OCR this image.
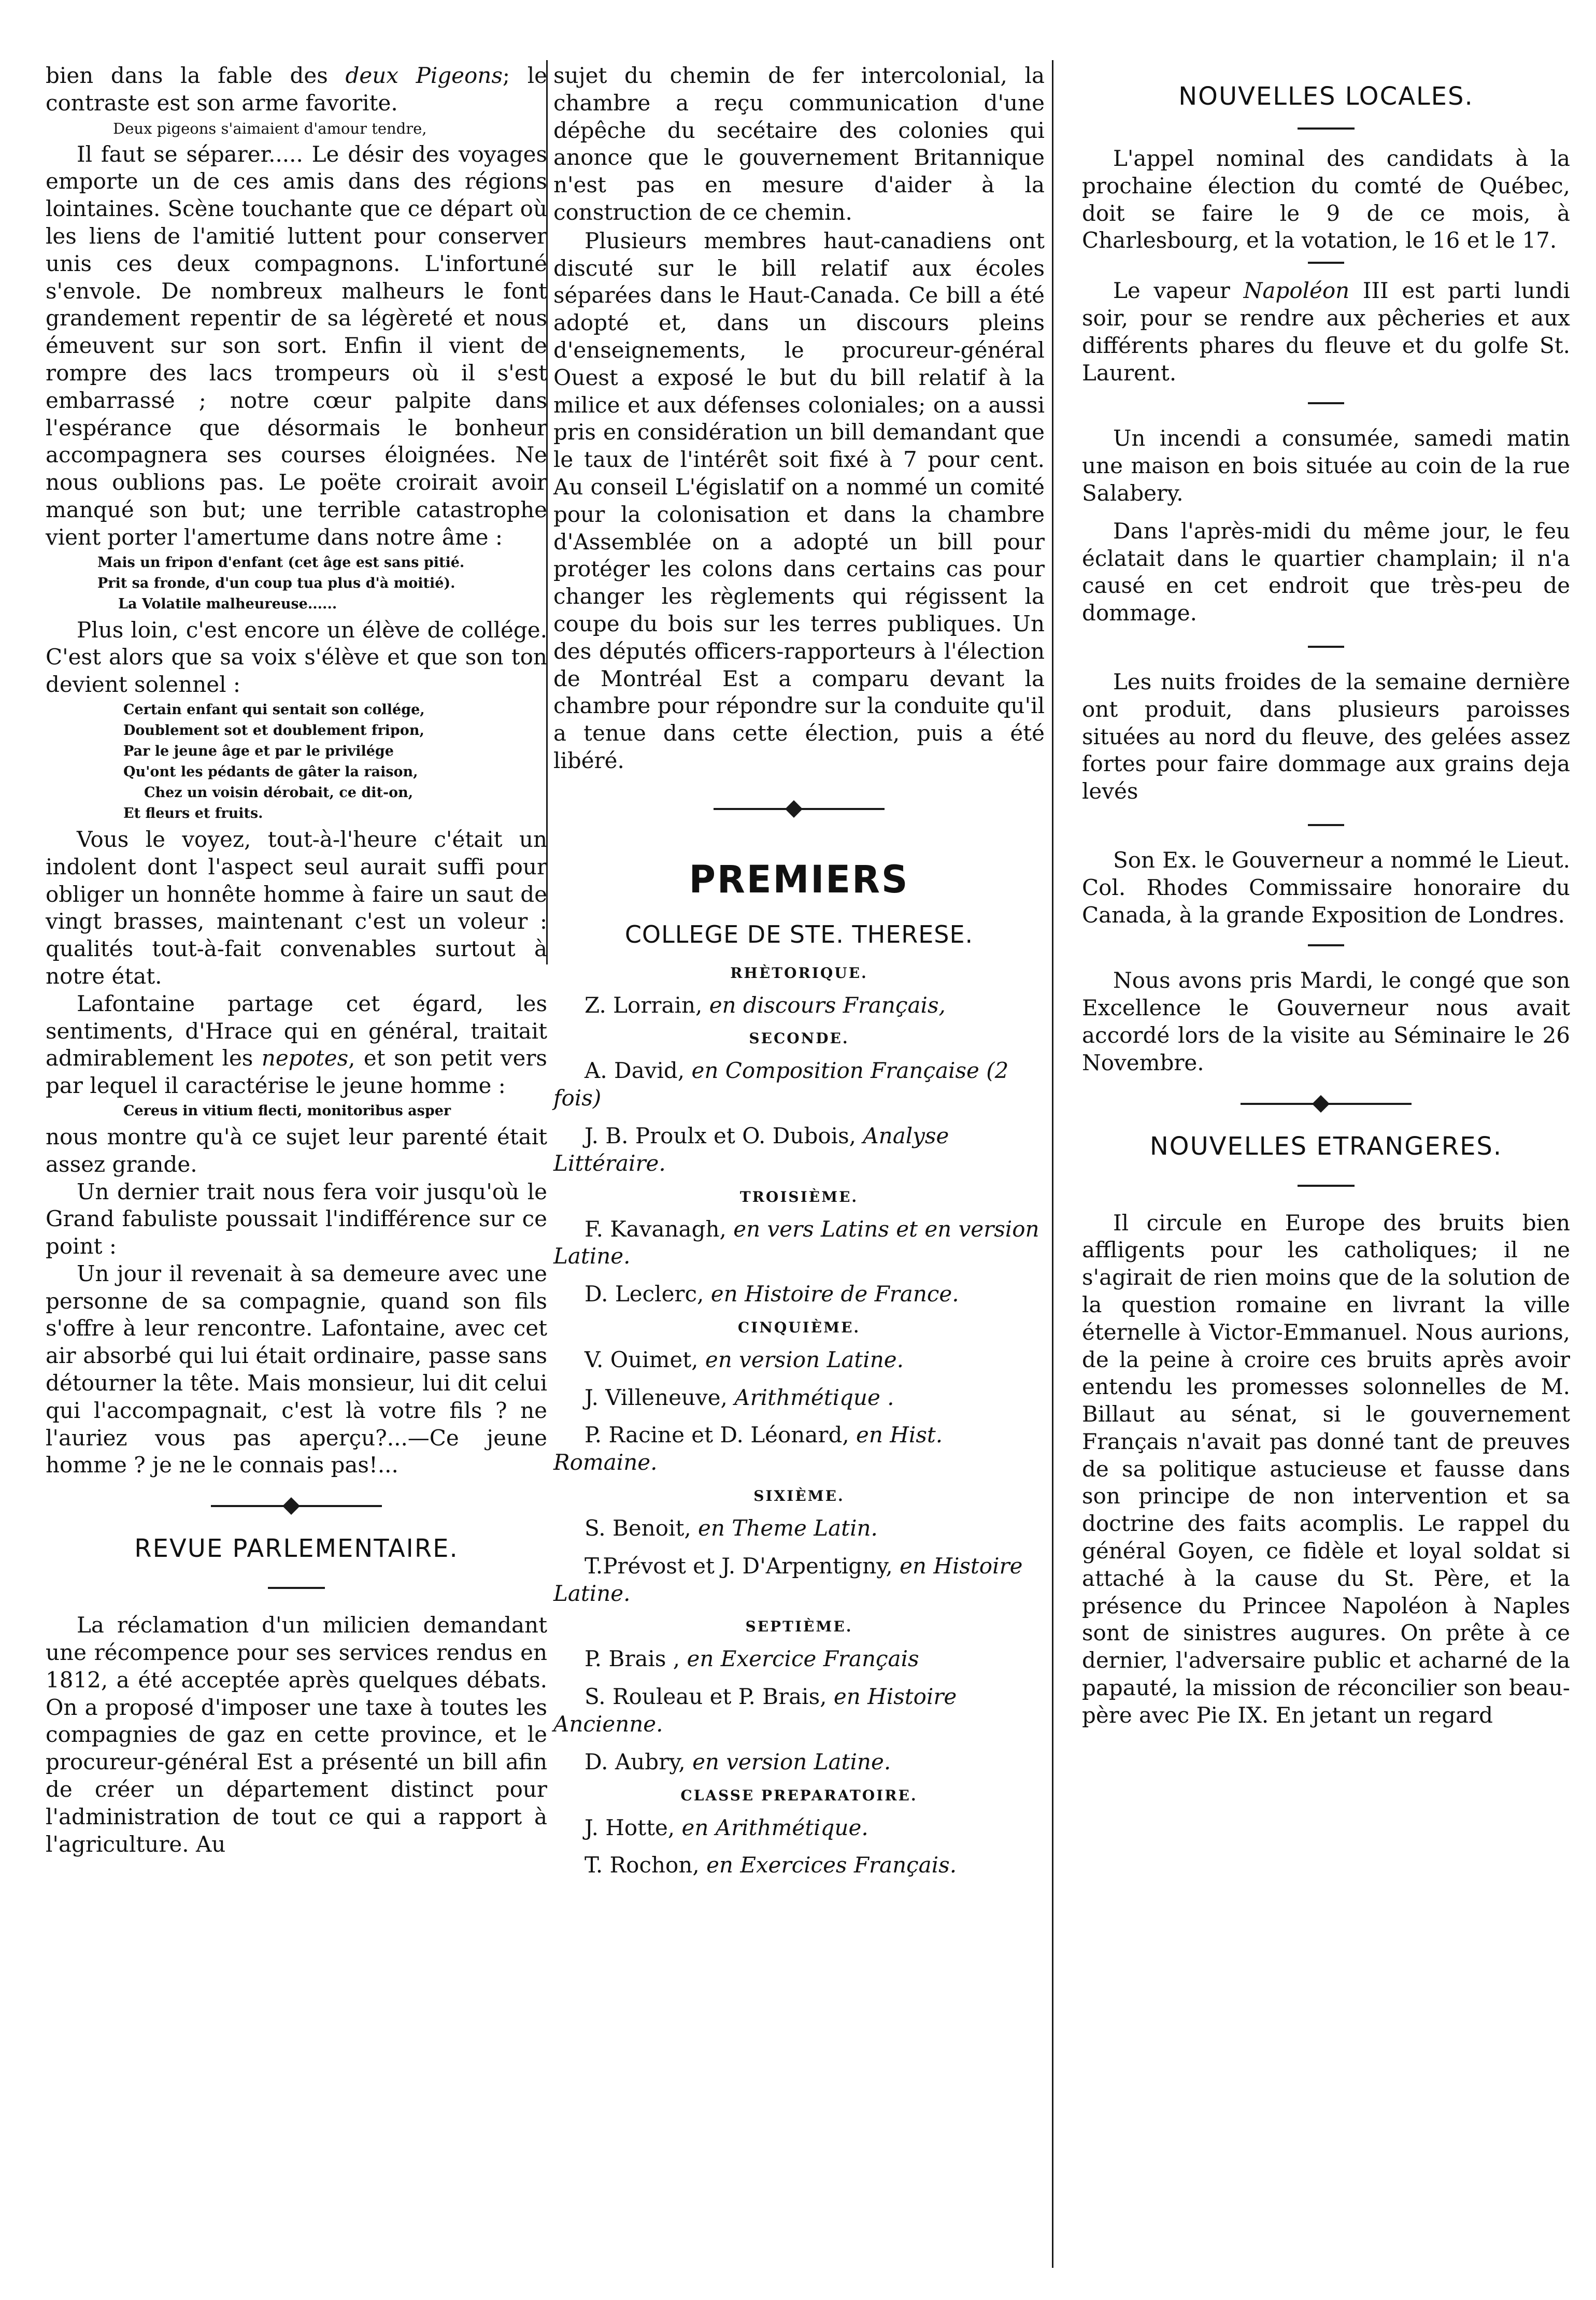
bien dans la fable des deux Pigeons; le contraste est son arme favorite.

Deux pigeons s'aimaient d'amour tendre,

Il faut se séparer..... Le désir des voyages emporte un de ces amis dans des régions lointaines. Scène touchante que ce départ où les liens de l'amitié luttent pour conserver unis ces deux compagnons. L'infortuné s'envole. De nombreux malheurs le font grandement repentir de sa légèreté et nous émeuvent sur son sort. Enfin il vient de rompre des lacs trompeurs où il s'est embarrassé ; notre cœur palpite dans l'espérance que désormais le bonheur accompagnera ses courses éloignées. Ne nous oublions pas. Le poëte croirait avoir manqué son but; une terrible catastrophe vient porter l'amertume dans notre âme :

Mais un fripon d'enfant (cet âge est sans pitié.

Prit sa fronde, d'un coup tua plus d'à moitié).

La Volatile malheureuse......

Plus loin, c'est encore un élève de collége. C'est alors que sa voix s'élève et que son ton devient solennel :

Certain enfant qui sentait son collége,

Doublement sot et doublement fripon,

Par le jeune âge et par le privilége

Qu'ont les pédants de gâter la raison,

Chez un voisin dérobait, ce dit-on,

Et fleurs et fruits.

Vous le voyez, tout-à-l'heure c'était un indolent dont l'aspect seul aurait suffi pour obliger un honnête homme à faire un saut de vingt brasses, maintenant c'est un voleur : qualités tout-à-fait convenables surtout à notre état.

Lafontaine partage cet égard, les sentiments, d'Hrace qui en général, traitait admirablement les nepotes, et son petit vers par lequel il caractérise le jeune homme :

Cereus in vitium flecti, monitoribus asper

nous montre qu'à ce sujet leur parenté était assez grande.

Un dernier trait nous fera voir jusqu'où le Grand fabuliste poussait l'indifférence sur ce point :

Un jour il revenait à sa demeure avec une personne de sa compagnie, quand son fils s'offre à leur rencontre. Lafontaine, avec cet air absorbé qui lui était ordinaire, passe sans détourner la tête. Mais monsieur, lui dit celui qui l'accompagnait, c'est là votre fils ? ne l'auriez vous pas aperçu?...—Ce jeune homme ? je ne le connais pas!...

REVUE PARLEMENTAIRE.

La réclamation d'un milicien demandant une récompence pour ses services rendus en 1812, a été acceptée après quelques débats. On a proposé d'imposer une taxe à toutes les compagnies de gaz en cette province, et le procureur-général Est a présenté un bill afin de créer un département distinct pour l'administration de tout ce qui a rapport à l'agriculture. Au

sujet du chemin de fer intercolonial, la chambre a reçu communication d'une dépêche du secétaire des colonies qui anonce que le gouvernement Britannique n'est pas en mesure d'aider à la construction de ce chemin.

Plusieurs membres haut-canadiens ont discuté sur le bill relatif aux écoles séparées dans le Haut-Canada. Ce bill a été adopté et, dans un discours pleins d'enseignements, le procureur-général Ouest a exposé le but du bill relatif à la milice et aux défenses coloniales; on a aussi pris en considération un bill demandant que le taux de l'intérêt soit fixé à 7 pour cent. Au conseil L'égislatif on a nommé un comité pour la colonisation et dans la chambre d'Assemblée on a adopté un bill pour protéger les colons dans certains cas pour changer les règlements qui régissent la coupe du bois sur les terres publiques. Un des députés officers-rapporteurs à l'élection de Montréal Est a comparu devant la chambre pour répondre sur la conduite qu'il a tenue dans cette élection, puis a été libéré.

PREMIERS

COLLEGE DE STE. THERESE.

RHÈTORIQUE.

Z. Lorrain, en discours Français,

SECONDE.

A. David, en Composition Française (2 fois)

J. B. Proulx et O. Dubois, Analyse Littéraire.

TROISIÈME.

F. Kavanagh, en vers Latins et en version Latine.

D. Leclerc, en Histoire de France.

CINQUIÈME.

V. Ouimet, en version Latine.

J. Villeneuve, Arithmétique .

P. Racine et D. Léonard, en Hist. Romaine.

SIXIÈME.

S. Benoit, en Theme Latin.

T.Prévost et J. D'Arpentigny, en Histoire Latine.

SEPTIÈME.

P. Brais , en Exercice Français

S. Rouleau et P. Brais, en Histoire Ancienne.

D. Aubry, en version Latine.

CLASSE PREPARATOIRE.

J. Hotte, en Arithmétique.

T. Rochon, en Exercices Français.

NOUVELLES LOCALES.

L'appel nominal des candidats à la prochaine élection du comté de Québec, doit se faire le 9 de ce mois, à Charlesbourg, et la votation, le 16 et le 17.

Le vapeur Napoléon III est parti lundi soir, pour se rendre aux pêcheries et aux différents phares du fleuve et du golfe St. Laurent.

Un incendi a consumée, samedi matin une maison en bois située au coin de la rue Salabery.

Dans l'après-midi du même jour, le feu éclatait dans le quartier champlain; il n'a causé en cet endroit que très-peu de dommage.

Les nuits froides de la semaine dernière ont produit, dans plusieurs paroisses situées au nord du fleuve, des gelées assez fortes pour faire dommage aux grains deja levés

Son Ex. le Gouverneur a nommé le Lieut. Col. Rhodes Commissaire honoraire du Canada, à la grande Exposition de Londres.

Nous avons pris Mardi, le congé que son Excellence le Gouverneur nous avait accordé lors de la visite au Séminaire le 26 Novembre.

NOUVELLES ETRANGERES.

Il circule en Europe des bruits bien affligents pour les catholiques; il ne s'agirait de rien moins que de la solution de la question romaine en livrant la ville éternelle à Victor-Emmanuel. Nous aurions, de la peine à croire ces bruits après avoir entendu les promesses solonnelles de M. Billaut au sénat, si le gouvernement Français n'avait pas donné tant de preuves de sa politique astucieuse et fausse dans son principe de non intervention et sa doctrine des faits acomplis. Le rappel du général Goyen, ce fidèle et loyal soldat si attaché à la cause du St. Père, et la présence du Princee Napoléon à Naples sont de sinistres augures. On prête à ce dernier, l'adversaire public et acharné de la papauté, la mission de réconcilier son beau-père avec Pie IX. En jetant un regard
